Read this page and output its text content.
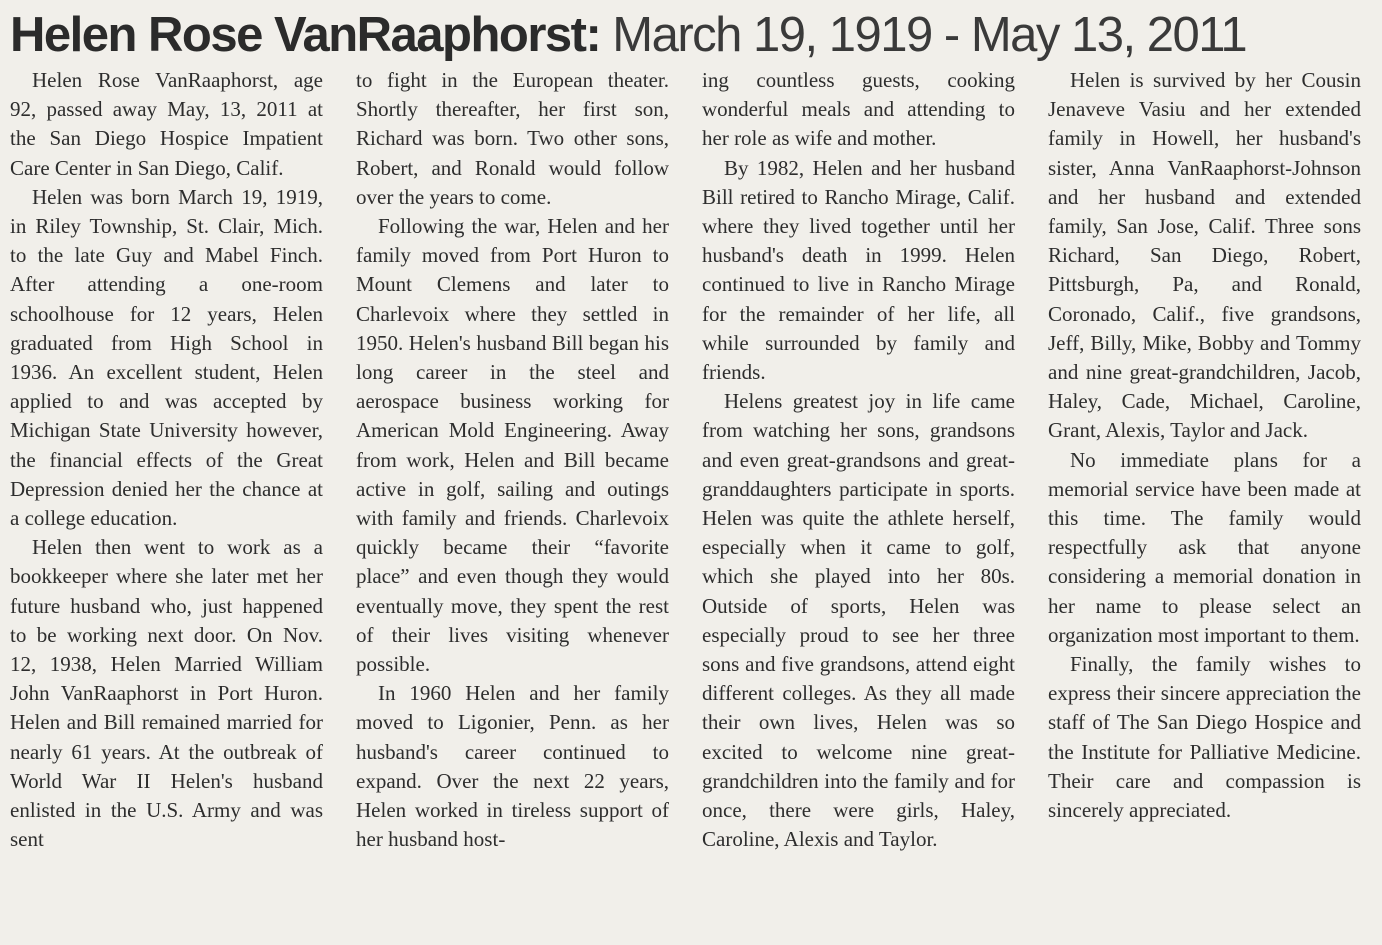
Helen Rose VanRaaphorst: March 19, 1919 - May 13, 2011

Helen Rose VanRaaphorst, age 92, passed away May, 13, 2011 at the San Diego Hospice Impatient Care Center in San Diego, Calif.

Helen was born March 19, 1919, in Riley Township, St. Clair, Mich. to the late Guy and Mabel Finch. After attending a one-room schoolhouse for 12 years, Helen graduated from High School in 1936. An excellent student, Helen applied to and was accepted by Michigan State University however, the financial effects of the Great Depression denied her the chance at a college education.

Helen then went to work as a bookkeeper where she later met her future husband who, just happened to be working next door. On Nov. 12, 1938, Helen Married William John VanRaaphorst in Port Huron. Helen and Bill remained married for nearly 61 years. At the outbreak of World War II Helen's husband enlisted in the U.S. Army and was sent

to fight in the European theater. Shortly thereafter, her first son, Richard was born. Two other sons, Robert, and Ronald would follow over the years to come.

Following the war, Helen and her family moved from Port Huron to Mount Clemens and later to Charlevoix where they settled in 1950. Helen's husband Bill began his long career in the steel and aerospace business working for American Mold Engineering. Away from work, Helen and Bill became active in golf, sailing and outings with family and friends. Charlevoix quickly became their “favorite place” and even though they would eventually move, they spent the rest of their lives visiting whenever possible.

In 1960 Helen and her family moved to Ligonier, Penn. as her husband's career continued to expand. Over the next 22 years, Helen worked in tireless support of her husband host-

ing countless guests, cooking wonderful meals and attending to her role as wife and mother.

By 1982, Helen and her husband Bill retired to Rancho Mirage, Calif. where they lived together until her husband's death in 1999. Helen continued to live in Rancho Mirage for the remainder of her life, all while surrounded by family and friends.

Helens greatest joy in life came from watching her sons, grandsons and even great-grandsons and great-granddaughters participate in sports. Helen was quite the athlete herself, especially when it came to golf, which she played into her 80s. Outside of sports, Helen was especially proud to see her three sons and five grandsons, attend eight different colleges. As they all made their own lives, Helen was so excited to welcome nine great-grandchildren into the family and for once, there were girls, Haley, Caroline, Alexis and Taylor.

Helen is survived by her Cousin Jenaveve Vasiu and her extended family in Howell, her husband's sister, Anna VanRaaphorst-Johnson and her husband and extended family, San Jose, Calif. Three sons Richard, San Diego, Robert, Pittsburgh, Pa, and Ronald, Coronado, Calif., five grandsons, Jeff, Billy, Mike, Bobby and Tommy and nine great-grandchildren, Jacob, Haley, Cade, Michael, Caroline, Grant, Alexis, Taylor and Jack.

No immediate plans for a memorial service have been made at this time. The family would respectfully ask that anyone considering a memorial donation in her name to please select an organization most important to them.

Finally, the family wishes to express their sincere appreciation the staff of The San Diego Hospice and the Institute for Palliative Medicine. Their care and compassion is sincerely appreciated.
